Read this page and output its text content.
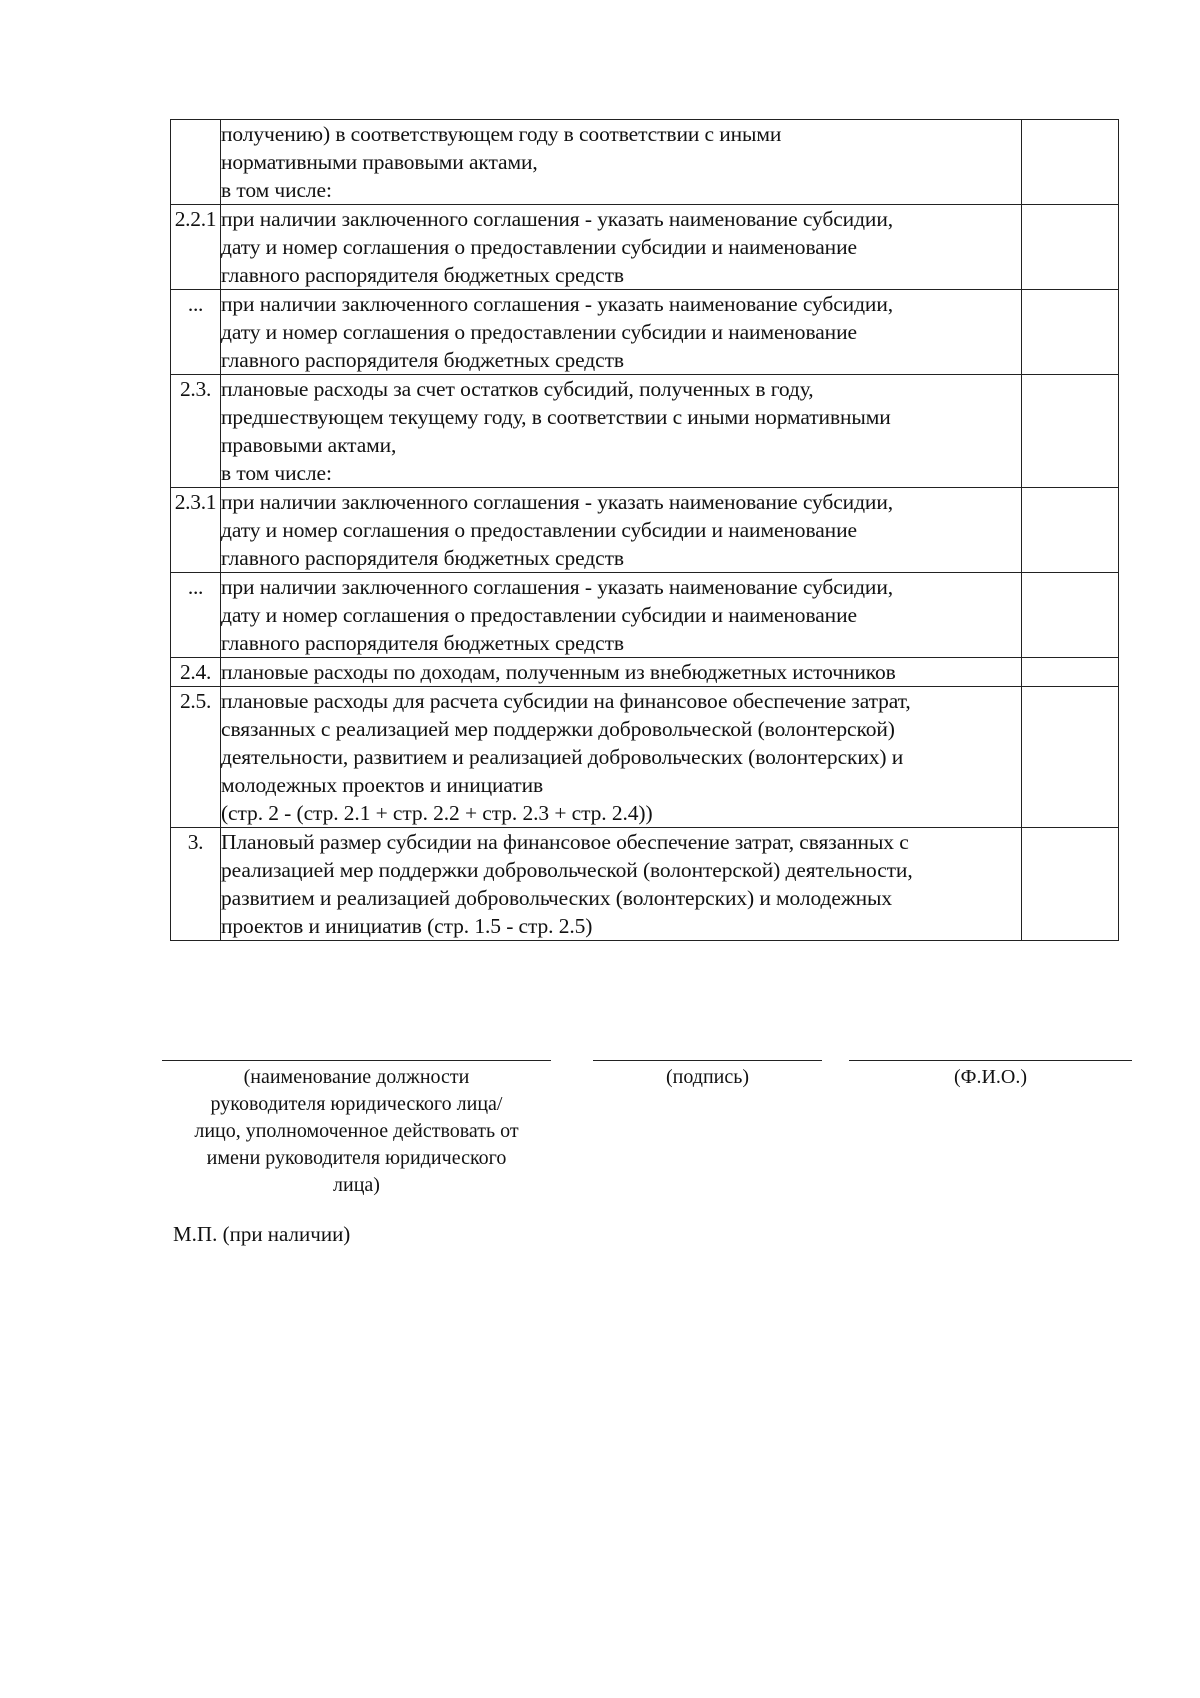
	получению) в соответствующем году в соответствии с иными
нормативными правовыми актами,
в том числе:	
2.2.1	при наличии заключенного соглашения - указать наименование субсидии,
дату и номер соглашения о предоставлении субсидии и наименование
главного распорядителя бюджетных средств	
...	при наличии заключенного соглашения - указать наименование субсидии,
дату и номер соглашения о предоставлении субсидии и наименование
главного распорядителя бюджетных средств	
2.3.	плановые расходы за счет остатков субсидий, полученных в году,
предшествующем текущему году, в соответствии с иными нормативными
правовыми актами,
в том числе:	
2.3.1	при наличии заключенного соглашения - указать наименование субсидии,
дату и номер соглашения о предоставлении субсидии и наименование
главного распорядителя бюджетных средств	
...	при наличии заключенного соглашения - указать наименование субсидии,
дату и номер соглашения о предоставлении субсидии и наименование
главного распорядителя бюджетных средств	
2.4.	плановые расходы по доходам, полученным из внебюджетных источников	
2.5.	плановые расходы для расчета субсидии на финансовое обеспечение затрат,
связанных с реализацией мер поддержки добровольческой (волонтерской)
деятельности, развитием и реализацией добровольческих (волонтерских) и
молодежных проектов и инициатив
(стр. 2 - (стр. 2.1 + стр. 2.2 + стр. 2.3 + стр. 2.4))	
3.	Плановый размер субсидии на финансовое обеспечение затрат, связанных с
реализацией мер поддержки добровольческой (волонтерской) деятельности,
развитием и реализацией добровольческих (волонтерских) и молодежных
проектов и инициатив (стр. 1.5 - стр. 2.5)	
(наименование должности
руководителя юридического лица/
лицо, уполномоченное действовать от
имени руководителя юридического
лица)
(подпись)	(Ф.И.О.)
М.П. (при наличии)
